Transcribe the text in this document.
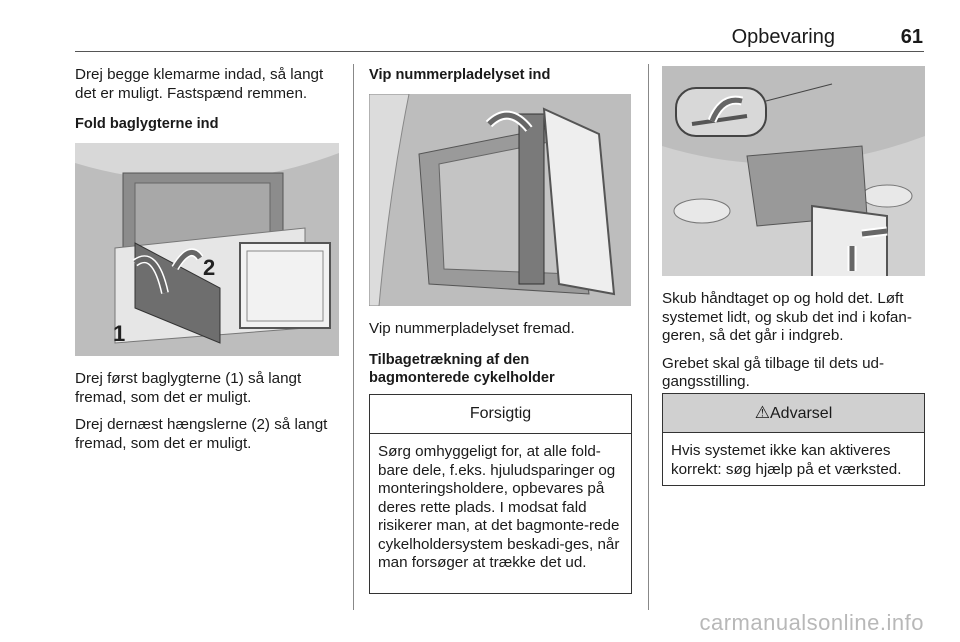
Opbevaring	61

Drej begge klemarme indad, så langt det er muligt. Fastspænd remmen.

Fold baglygterne ind

2
1

Drej først baglygterne (1) så langt fremad, som det er muligt.

Drej dernæst hængslerne (2) så langt fremad, som det er muligt.

Vip nummerpladelyset ind

Vip nummerpladelyset fremad.

Tilbagetrækning af den
bagmonterede cykelholder

Forsigtig
Sørg omhyggeligt for, at alle fold-bare dele, f.eks. hjuludsparinger og monteringsholdere, opbevares på deres rette plads. I modsat fald risikerer man, at det bagmonte-rede cykelholdersystem beskadi-ges, når man forsøger at trække det ud.

Skub håndtaget op og hold det. Løft systemet lidt, og skub det ind i kofan-geren, så det går i indgreb.

Grebet skal gå tilbage til dets ud-gangsstilling.

⚠Advarsel
Hvis systemet ikke kan aktiveres korrekt: søg hjælp på et værksted.
carmanualsonline.info
